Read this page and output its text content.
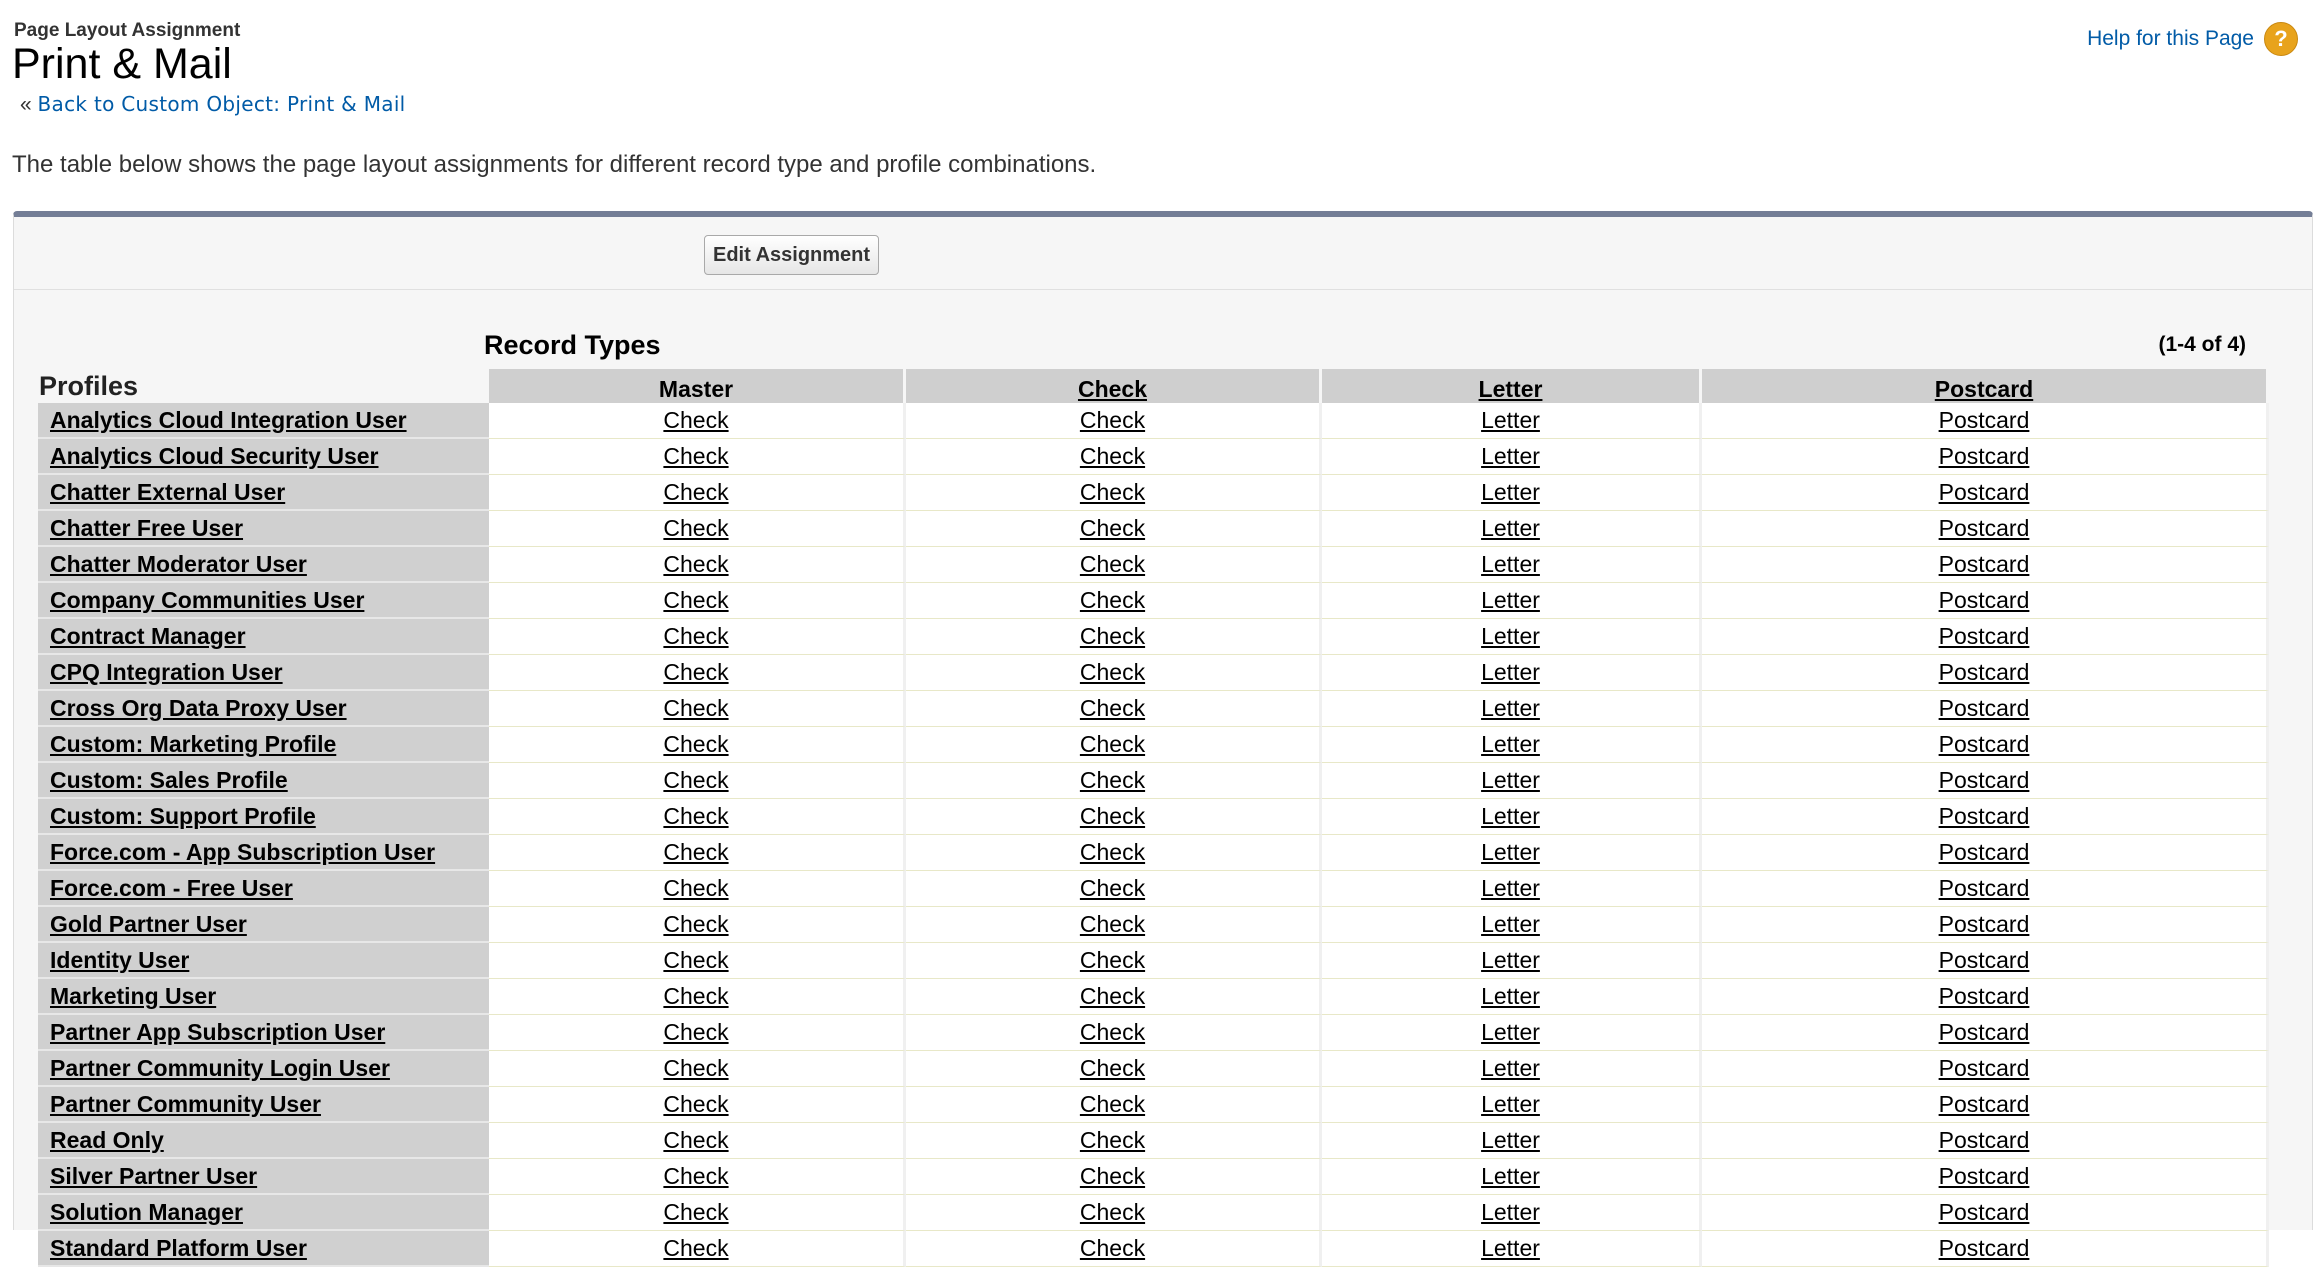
Page Layout Assignment
Print & Mail
« Back to Custom Object: Print & Mail
Help for this Page ?
The table below shows the page layout assignments for different record type and profile combinations.
Edit Assignment
Record Types	(1-4 of 4)
Profiles	Master	Check	Letter	Postcard
Analytics Cloud Integration User	Check	Check	Letter	Postcard
Analytics Cloud Security User	Check	Check	Letter	Postcard
Chatter External User	Check	Check	Letter	Postcard
Chatter Free User	Check	Check	Letter	Postcard
Chatter Moderator User	Check	Check	Letter	Postcard
Company Communities User	Check	Check	Letter	Postcard
Contract Manager	Check	Check	Letter	Postcard
CPQ Integration User	Check	Check	Letter	Postcard
Cross Org Data Proxy User	Check	Check	Letter	Postcard
Custom: Marketing Profile	Check	Check	Letter	Postcard
Custom: Sales Profile	Check	Check	Letter	Postcard
Custom: Support Profile	Check	Check	Letter	Postcard
Force.com - App Subscription User	Check	Check	Letter	Postcard
Force.com - Free User	Check	Check	Letter	Postcard
Gold Partner User	Check	Check	Letter	Postcard
Identity User	Check	Check	Letter	Postcard
Marketing User	Check	Check	Letter	Postcard
Partner App Subscription User	Check	Check	Letter	Postcard
Partner Community Login User	Check	Check	Letter	Postcard
Partner Community User	Check	Check	Letter	Postcard
Read Only	Check	Check	Letter	Postcard
Silver Partner User	Check	Check	Letter	Postcard
Solution Manager	Check	Check	Letter	Postcard
Standard Platform User	Check	Check	Letter	Postcard
